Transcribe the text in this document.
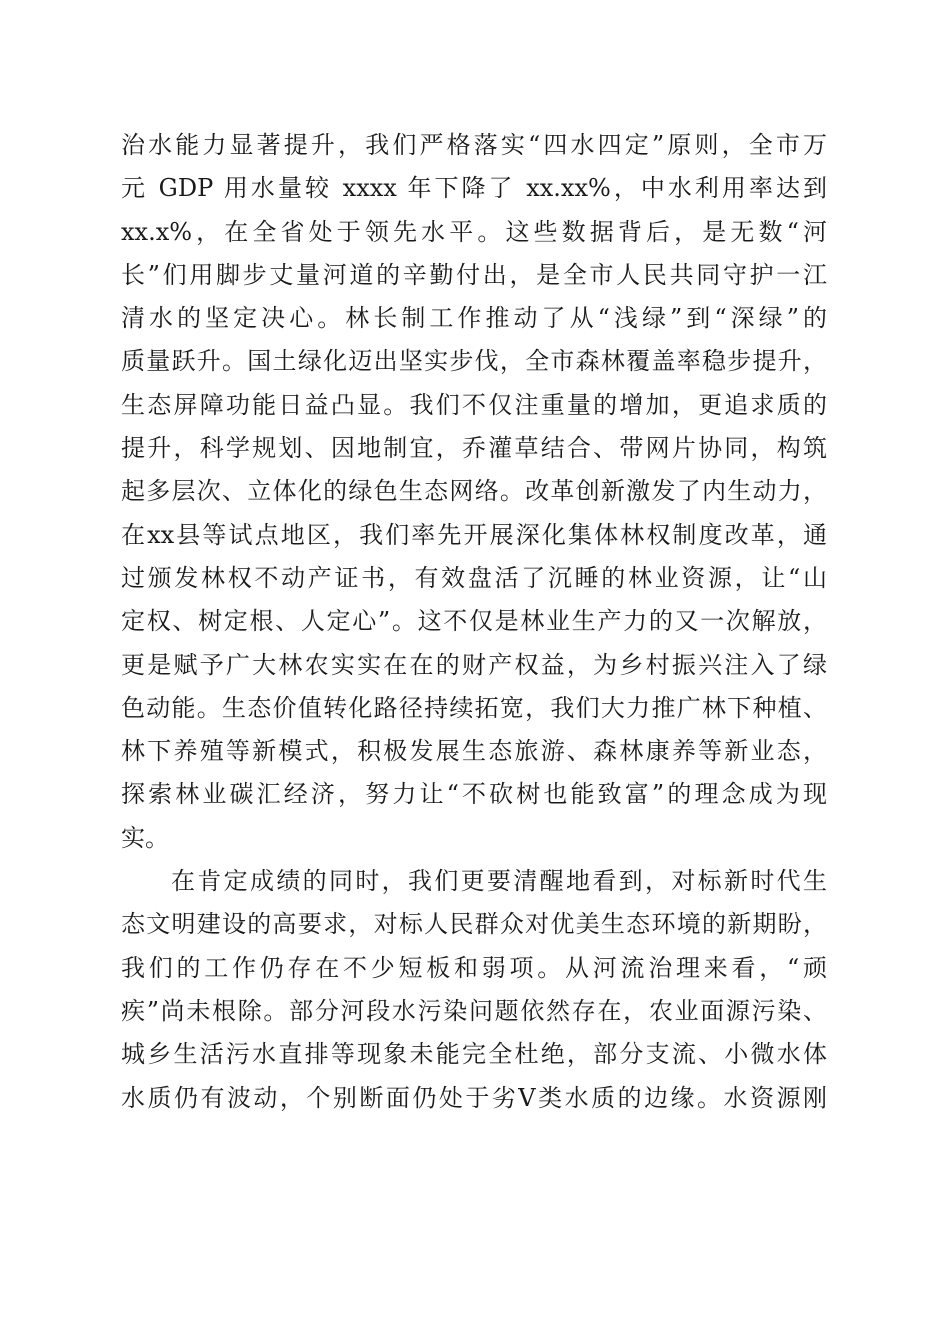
治水能力显著提升，我们严格落实“四水四定”原则，全市万
元 GDP 用水量较 xxxx 年下降了 xx.xx%，中水利用率达到
xx.x%，在全省处于领先水平。这些数据背后，是无数“河
长”们用脚步丈量河道的辛勤付出，是全市人民共同守护一江
清水的坚定决心。林长制工作推动了从“浅绿”到“深绿”的
质量跃升。国土绿化迈出坚实步伐，全市森林覆盖率稳步提升，
生态屏障功能日益凸显。我们不仅注重量的增加，更追求质的
提升，科学规划、因地制宜，乔灌草结合、带网片协同，构筑
起多层次、立体化的绿色生态网络。改革创新激发了内生动力，
在xx县等试点地区，我们率先开展深化集体林权制度改革，通
过颁发林权不动产证书，有效盘活了沉睡的林业资源，让“山
定权、树定根、人定心”。这不仅是林业生产力的又一次解放，
更是赋予广大林农实实在在的财产权益，为乡村振兴注入了绿
色动能。生态价值转化路径持续拓宽，我们大力推广林下种植、
林下养殖等新模式，积极发展生态旅游、森林康养等新业态，
探索林业碳汇经济，努力让“不砍树也能致富”的理念成为现
实。
在肯定成绩的同时，我们更要清醒地看到，对标新时代生
态文明建设的高要求，对标人民群众对优美生态环境的新期盼，
我们的工作仍存在不少短板和弱项。从河流治理来看，“顽
疾”尚未根除。部分河段水污染问题依然存在，农业面源污染、
城乡生活污水直排等现象未能完全杜绝，部分支流、小微水体
水质仍有波动，个别断面仍处于劣Ⅴ类水质的边缘。水资源刚
